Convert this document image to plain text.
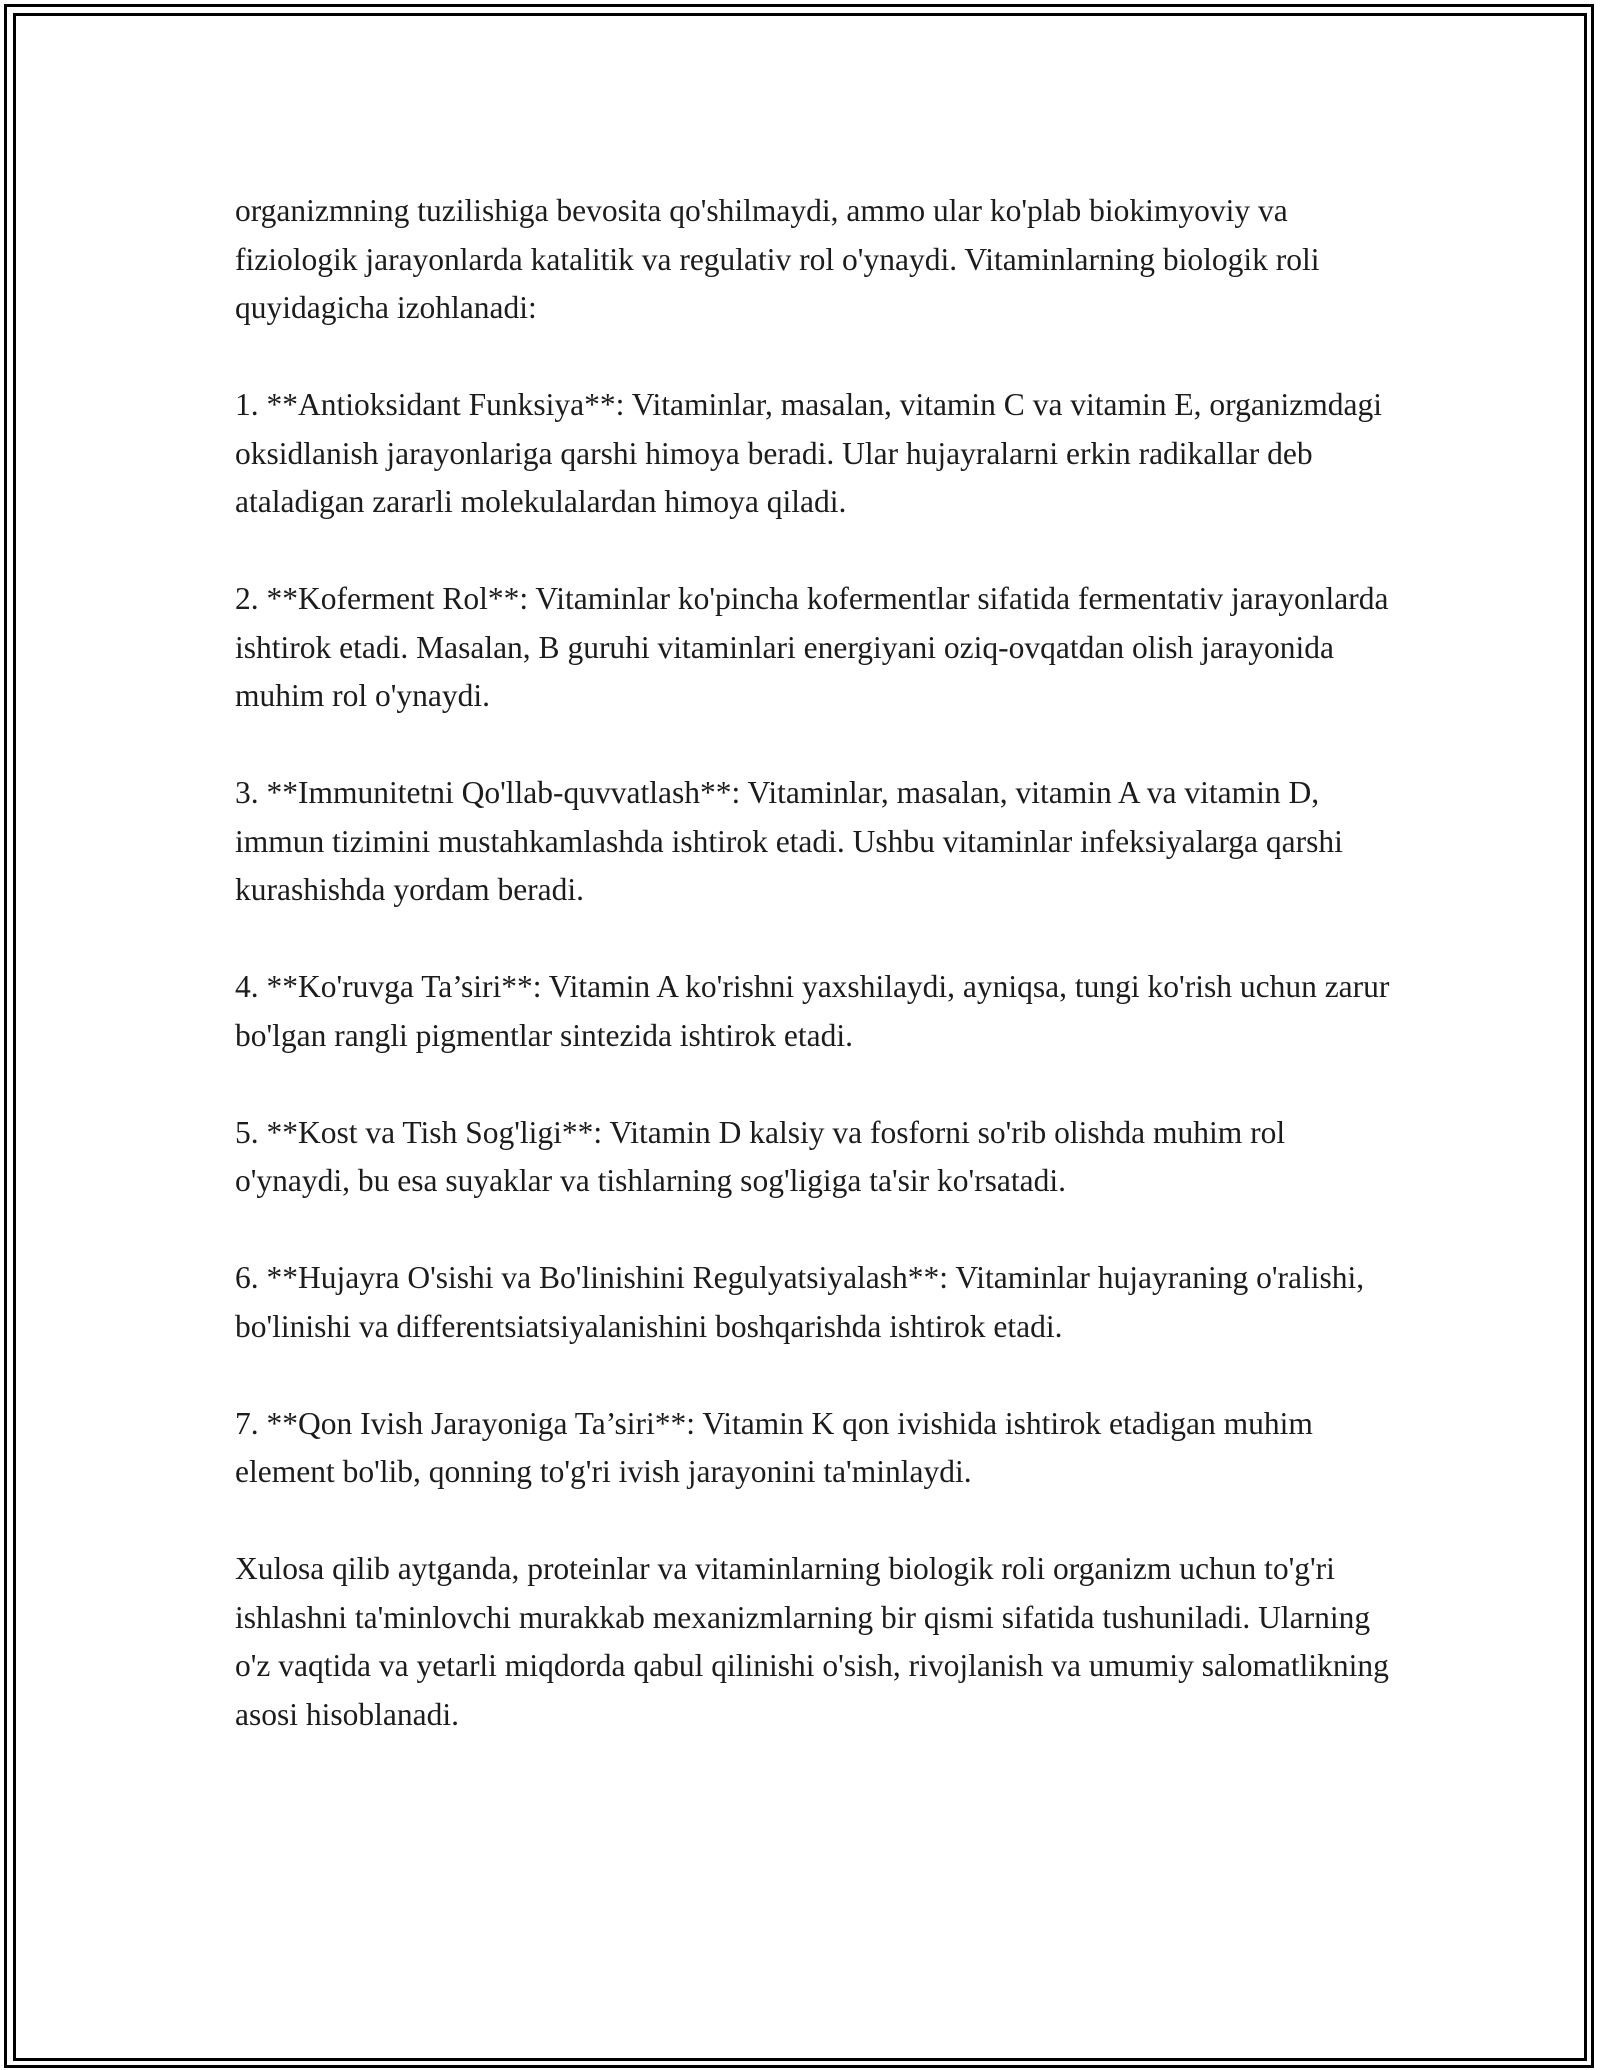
organizmning tuzilishiga bevosita qo'shilmaydi, ammo ular ko'plab biokimyoviy va fiziologik jarayonlarda katalitik va regulativ rol o'ynaydi. Vitaminlarning biologik roli quyidagicha izohlanadi:

1. **Antioksidant Funksiya**: Vitaminlar, masalan, vitamin C va vitamin E, organizmdagi oksidlanish jarayonlariga qarshi himoya beradi. Ular hujayralarni erkin radikallar deb ataladigan zararli molekulalardan himoya qiladi.

2. **Koferment Rol**: Vitaminlar ko'pincha kofermentlar sifatida fermentativ jarayonlarda ishtirok etadi. Masalan, B guruhi vitaminlari energiyani oziq-ovqatdan olish jarayonida muhim rol o'ynaydi.

3. **Immunitetni Qo'llab-quvvatlash**: Vitaminlar, masalan, vitamin A va vitamin D, immun tizimini mustahkamlashda ishtirok etadi. Ushbu vitaminlar infeksiyalarga qarshi kurashishda yordam beradi.

4. **Ko'ruvga Ta’siri**: Vitamin A ko'rishni yaxshilaydi, ayniqsa, tungi ko'rish uchun zarur bo'lgan rangli pigmentlar sintezida ishtirok etadi.

5. **Kost va Tish Sog'ligi**: Vitamin D kalsiy va fosforni so'rib olishda muhim rol o'ynaydi, bu esa suyaklar va tishlarning sog'ligiga ta'sir ko'rsatadi.

6. **Hujayra O'sishi va Bo'linishini Regulyatsiyalash**: Vitaminlar hujayraning o'ralishi, bo'linishi va differentsiatsiyalanishini boshqarishda ishtirok etadi.

7. **Qon Ivish Jarayoniga Ta’siri**: Vitamin K qon ivishida ishtirok etadigan muhim element bo'lib, qonning to'g'ri ivish jarayonini ta'minlaydi.

Xulosa qilib aytganda, proteinlar va vitaminlarning biologik roli organizm uchun to'g'ri ishlashni ta'minlovchi murakkab mexanizmlarning bir qismi sifatida tushuniladi. Ularning o'z vaqtida va yetarli miqdorda qabul qilinishi o'sish, rivojlanish va umumiy salomatlikning asosi hisoblanadi.
